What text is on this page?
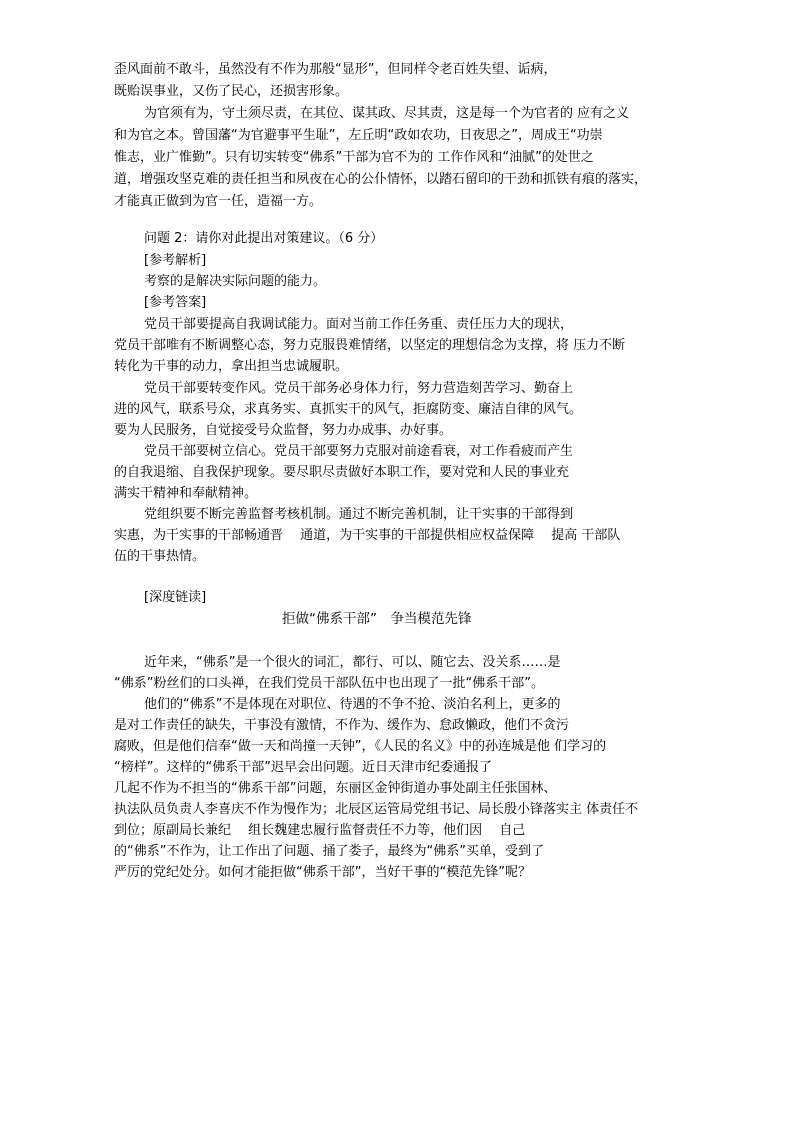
歪风面前不敢斗，虽然没有不作为那般“显形”，但同样令老百姓失望、诟病，
既贻误事业，又伤了民心，还损害形象。
为官须有为，守土须尽责，在其位、谋其政、尽其责，这是每一个为官者的 应有之义
和为官之本。曾国藩“为官避事平生耻”，左丘明“政如农功，日夜思之”，周成王“功崇
惟志，业广惟勤”。只有切实转变“佛系”干部为官不为的 工作作风和“油腻”的处世之
道，增强攻坚克难的责任担当和夙夜在心的公仆情怀，以踏石留印的干劲和抓铁有痕的落实，
才能真正做到为官一任，造福一方。
问题 2：请你对此提出对策建议。（6 分）
[参考解析]
考察的是解决实际问题的能力。
[参考答案]
党员干部要提高自我调试能力。面对当前工作任务重、责任压力大的现状，
党员干部唯有不断调整心态，努力克服畏难情绪，以坚定的理想信念为支撑，将 压力不断
转化为干事的动力，拿出担当忠诚履职。
党员干部要转变作风。党员干部务必身体力行，努力营造刻苦学习、勤奋上
进的风气，联系号众，求真务实、真抓实干的风气，拒腐防变、廉洁自律的风气。
要为人民服务，自觉接受号众监督，努力办成事、办好事。
党员干部要树立信心。党员干部要努力克服对前途看衰，对工作看疲而产生
的自我退缩、自我保护现象。要尽职尽责做好本职工作，要对党和人民的事业充
满实干精神和奉献精神。
党组织要不断完善监督考核机制。通过不断完善机制，让干实事的干部得到
实惠，为干实事的干部畅通晋　 通道，为干实事的干部提供相应权益保障　 提高 干部队
伍的干事热情。
[深度链读]
拒做“佛系干部”　争当模范先锋
近年来，“佛系”是一个很火的词汇，都行、可以、随它去、没关系……是
“佛系”粉丝们的口头禅，在我们党员干部队伍中也出现了一批“佛系干部”。
他们的“佛系”不是体现在对职位、待遇的不争不抢、淡泊名利上，更多的
是对工作责任的缺失，干事没有激情，不作为、缓作为、怠政懒政，他们不贪污
腐败，但是他们信奉“做一天和尚撞一天钟”，《人民的名义》中的孙连城是他 们学习的
“榜样”。这样的“佛系干部”迟早会出问题。近日天津市纪委通报了
几起不作为不担当的“佛系干部”问题，东丽区金钟街道办事处副主任张国林、
执法队员负责人李喜庆不作为慢作为；北辰区运管局党组书记、局长殷小锋落实主 体责任不
到位；原副局长兼纪　 组长魏建忠履行监督责任不力等，他们因　 自己
的“佛系”不作为，让工作出了问题、捅了娄子，最终为“佛系”买单，受到了
严厉的党纪处分。如何才能拒做“佛系干部”，当好干事的“模范先锋”呢？
